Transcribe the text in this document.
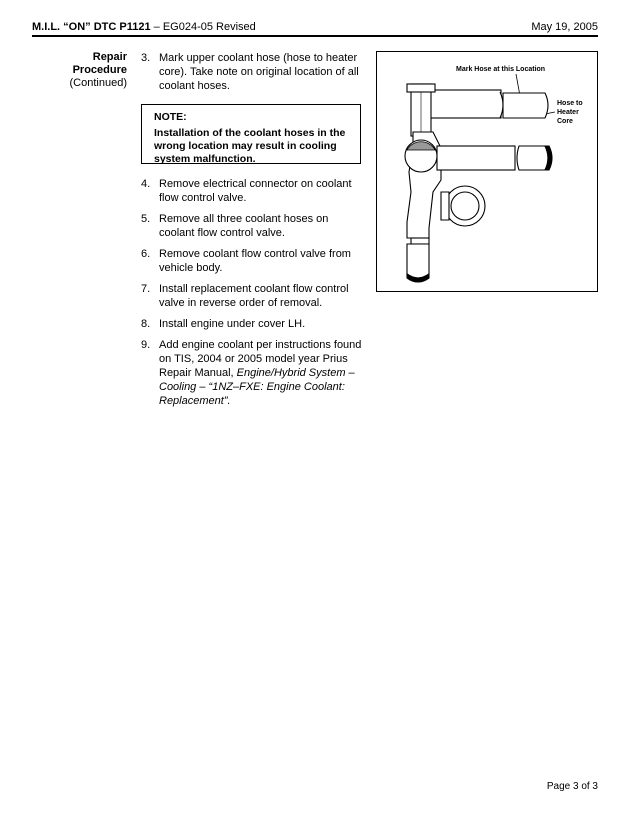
M.I.L. “ON” DTC P1121 – EG024-05 Revised	May 19, 2005
Repair
Procedure
(Continued)
3. Mark upper coolant hose (hose to heater core). Take note on original location of all coolant hoses.
NOTE:
Installation of the coolant hoses in the wrong location may result in cooling system malfunction.
4. Remove electrical connector on coolant flow control valve.
5. Remove all three coolant hoses on coolant flow control valve.
6. Remove coolant flow control valve from vehicle body.
7. Install replacement coolant flow control valve in reverse order of removal.
8. Install engine under cover LH.
9. Add engine coolant per instructions found on TIS, 2004 or 2005 model year Prius Repair Manual, Engine/Hybrid System – Cooling – “1NZ–FXE: Engine Coolant: Replacement”.
Mark Hose at this Location
Hose to
Heater
Core
Page 3 of 3
